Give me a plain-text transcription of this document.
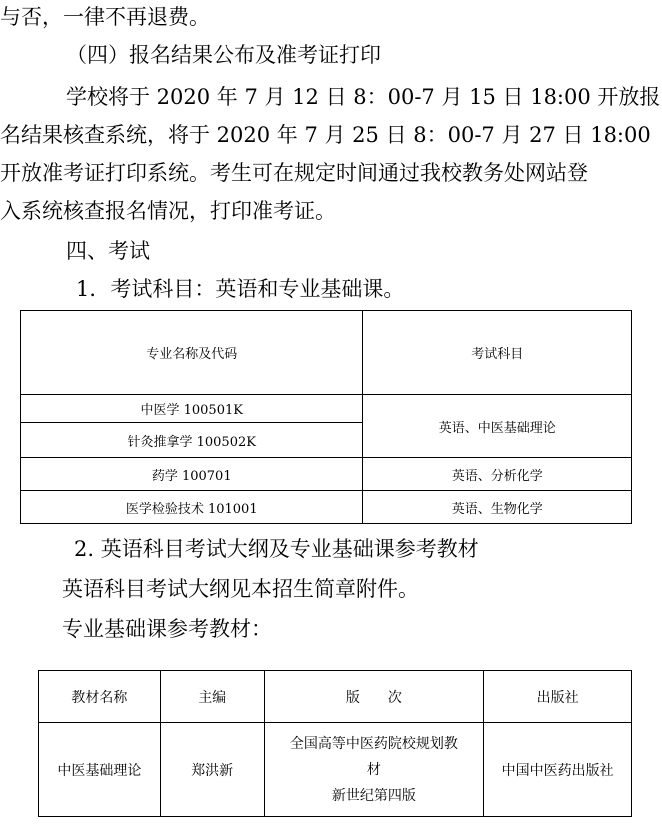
与否，一律不再退费。
（四）报名结果公布及准考证打印
学校将于 2020 年 7 月 12 日 8：00-7 月 15 日 18:00 开放报
名结果核查系统，将于 2020 年 7 月 25 日 8：00-7 月 27 日 18:00
开放准考证打印系统。考生可在规定时间通过我校教务处网站登
入系统核查报名情况，打印准考证。
四、考试
1．考试科目：英语和专业基础课。
专业名称及代码	考试科目
中医学 100501K	英语、中医基础理论
针灸推拿学 100502K	
药学 100701	英语、分析化学
医学检验技术 101001	英语、生物化学
2. 英语科目考试大纲及专业基础课参考教材
英语科目考试大纲见本招生简章附件。
专业基础课参考教材：
教材名称	主编	版　　次	出版社
中医基础理论	郑洪新	全国高等中医药院校规划教
材
新世纪第四版	中国中医药出版社
